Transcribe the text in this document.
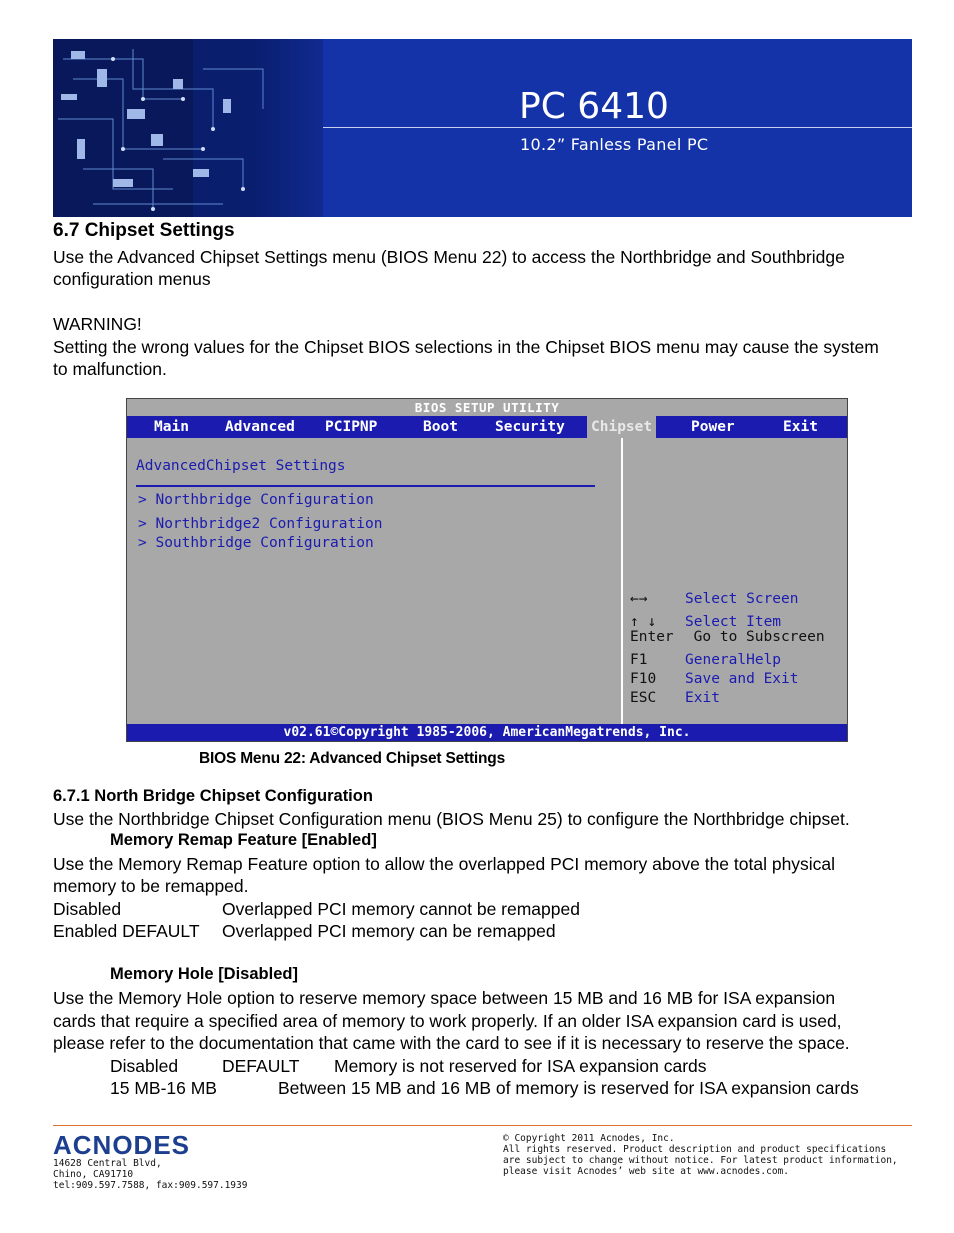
PC 6410
10.2” Fanless Panel PC
6.7 Chipset Settings
Use the Advanced Chipset Settings menu (BIOS Menu 22) to access the Northbridge and Southbridge
configuration menus
WARNING!
Setting the wrong values for the Chipset BIOS selections in the Chipset BIOS menu may cause the system
to malfunction.
BIOS SETUP UTILITY
Main Advanced PCIPNP	Boot	Security Chipset	Power	Exit
AdvancedChipset Settings
> Northbridge Configuration
> Northbridge2 Configuration
> Southbridge Configuration
←→	Select Screen
↑ ↓ Select Item
Enter Go to Subscreen
F1	GeneralHelp
F10 Save and Exit
ESC Exit
v02.61©Copyright 1985-2006, AmericanMegatrends, Inc.
BIOS Menu 22: Advanced Chipset Settings
6.7.1 North Bridge Chipset Configuration
Use the Northbridge Chipset Configuration menu (BIOS Menu 25) to configure the Northbridge chipset.
Memory Remap Feature [Enabled]
Use the Memory Remap Feature option to allow the overlapped PCI memory above the total physical
memory to be remapped.
Disabled	Overlapped PCI memory cannot be remapped
Enabled DEFAULT Overlapped PCI memory can be remapped
Memory Hole [Disabled]
Use the Memory Hole option to reserve memory space between 15 MB and 16 MB for ISA expansion
cards that require a specified area of memory to work properly. If an older ISA expansion card is used,
please refer to the documentation that came with the card to see if it is necessary to reserve the space.
Disabled	DEFAULT Memory is not reserved for ISA expansion cards
15 MB-16 MB	Between 15 MB and 16 MB of memory is reserved for ISA expansion cards
ACNODES
14628 Central Blvd,
Chino, CA91710
tel:909.597.7588, fax:909.597.1939
© Copyright 2011 Acnodes, Inc.
All rights reserved. Product description and product specifications
are subject to change without notice. For latest product information,
please visit Acnodes’ web site at www.acnodes.com.
